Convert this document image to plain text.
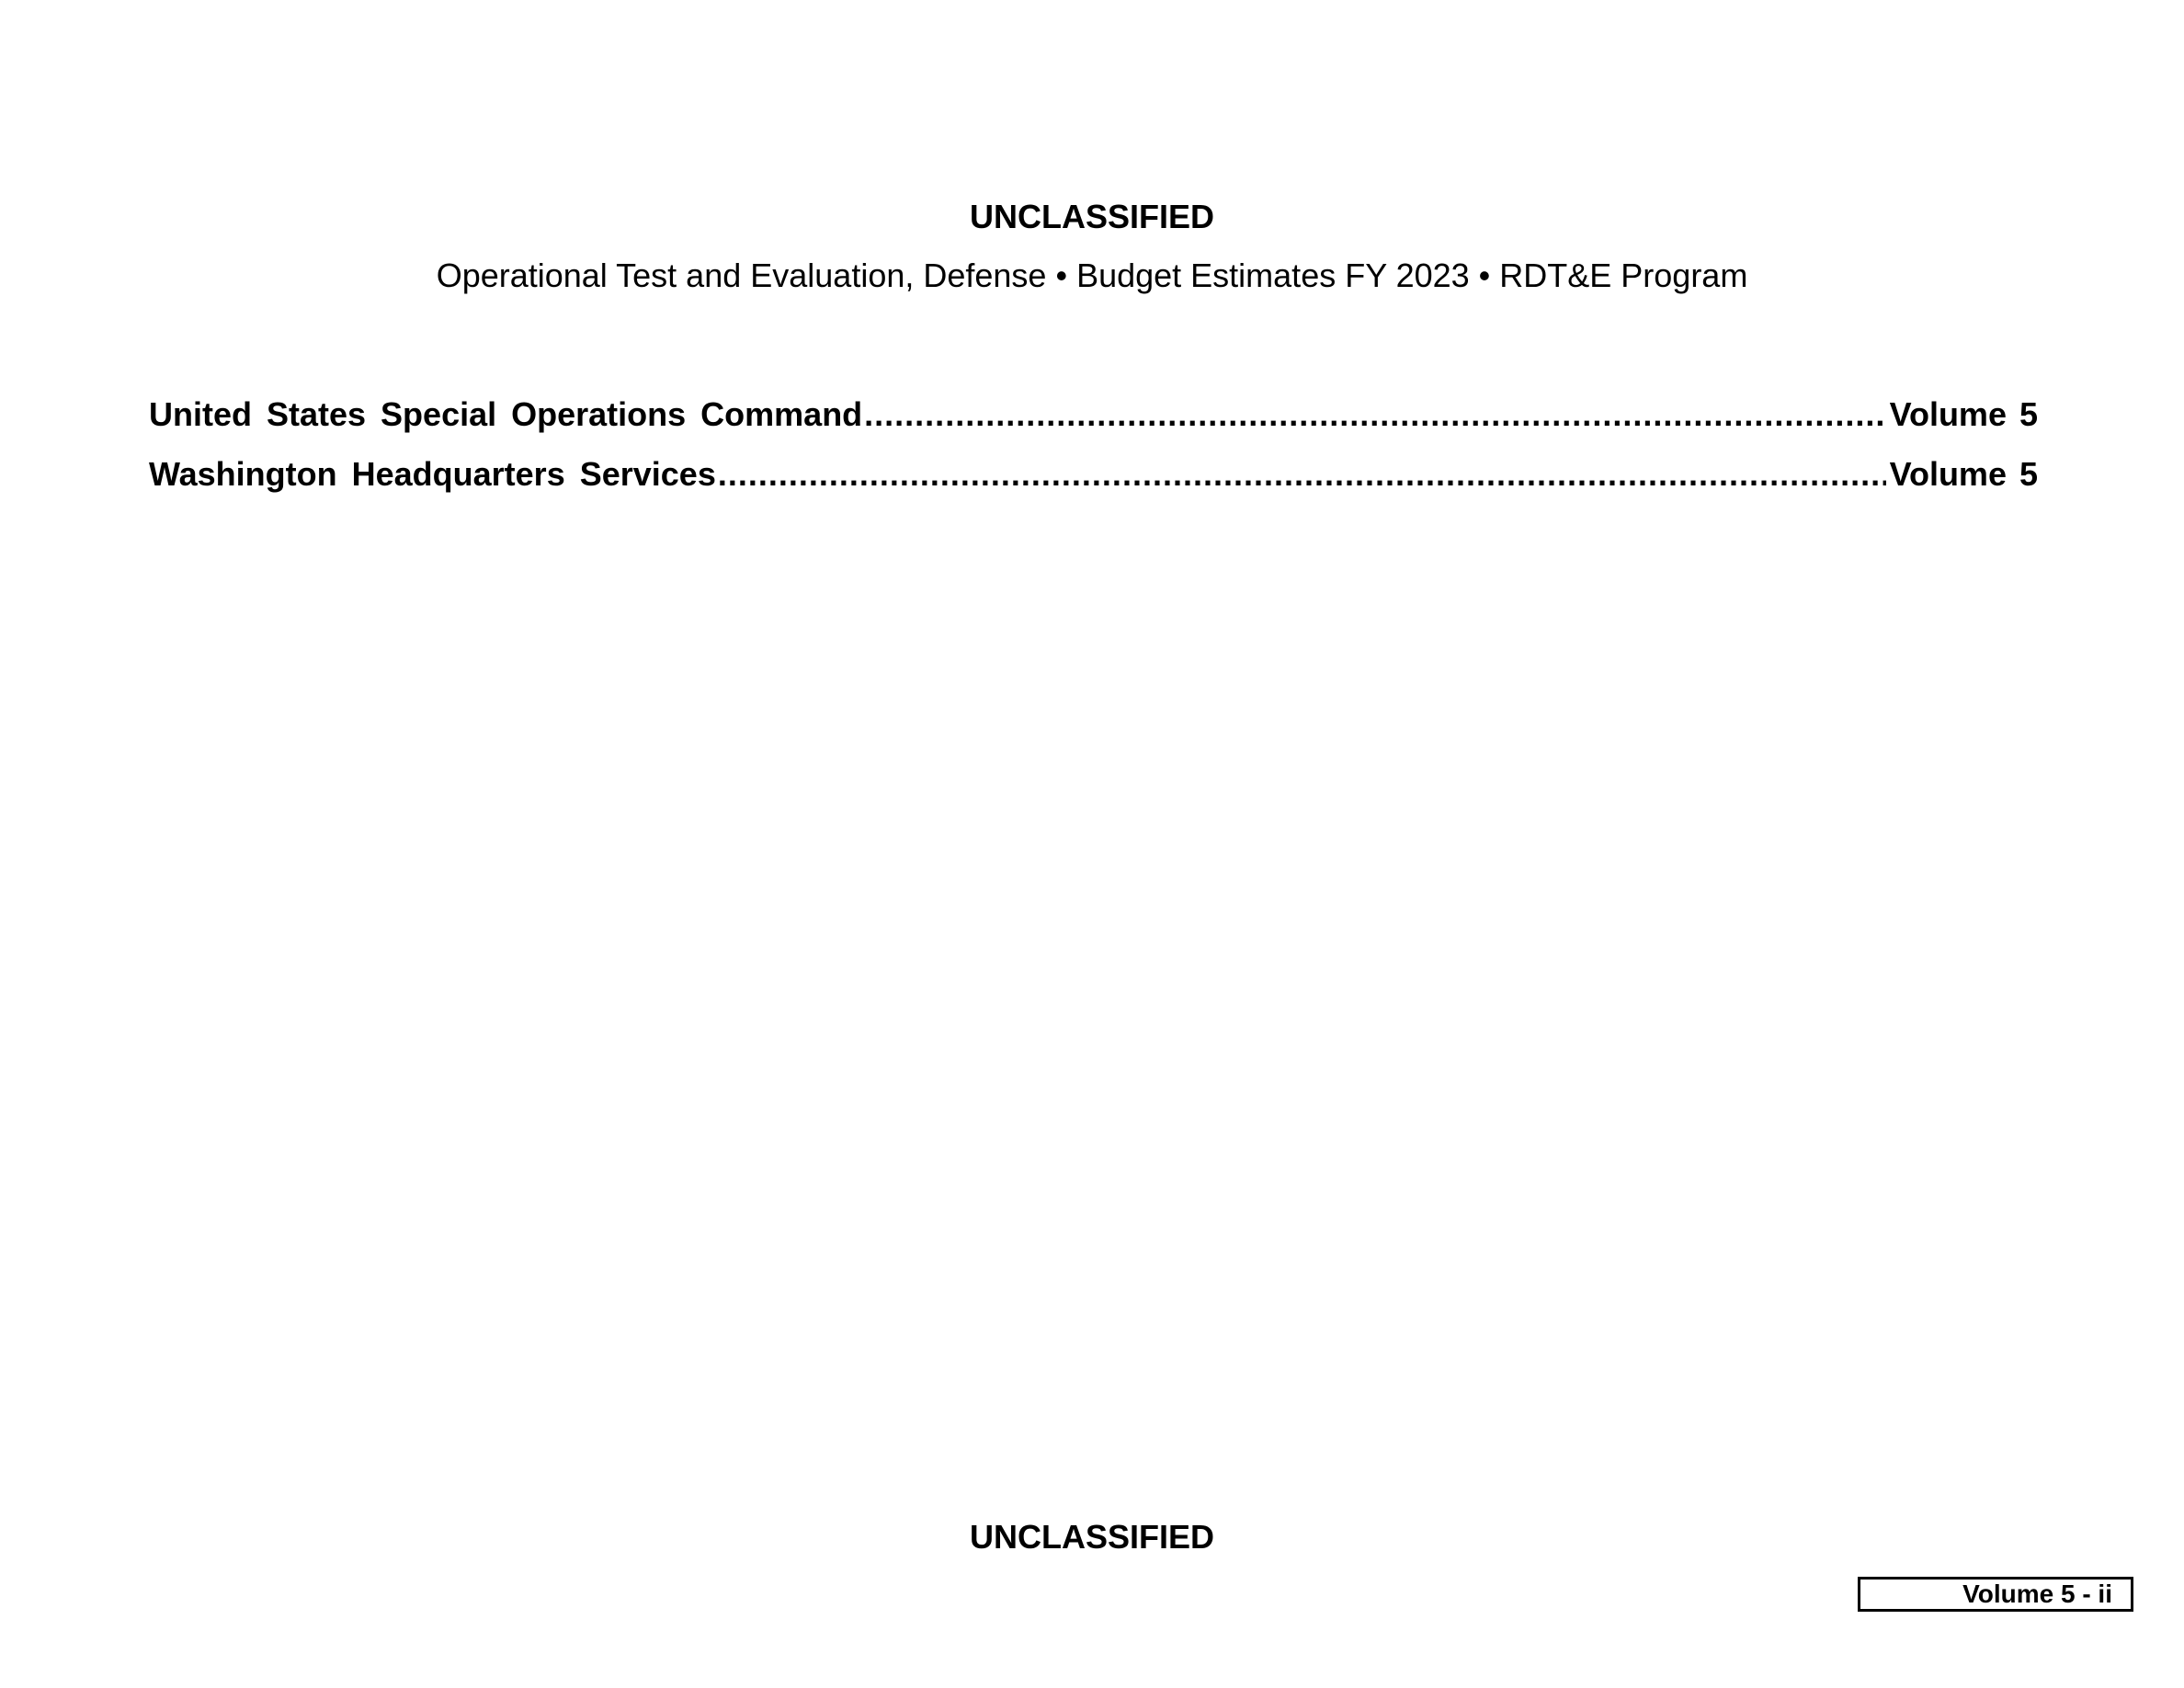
UNCLASSIFIED
Operational Test and Evaluation, Defense • Budget Estimates FY 2023 • RDT&E Program
United States Special Operations Command .....	Volume 5
Washington Headquarters Services .....	Volume 5
UNCLASSIFIED
Volume 5 - ii
